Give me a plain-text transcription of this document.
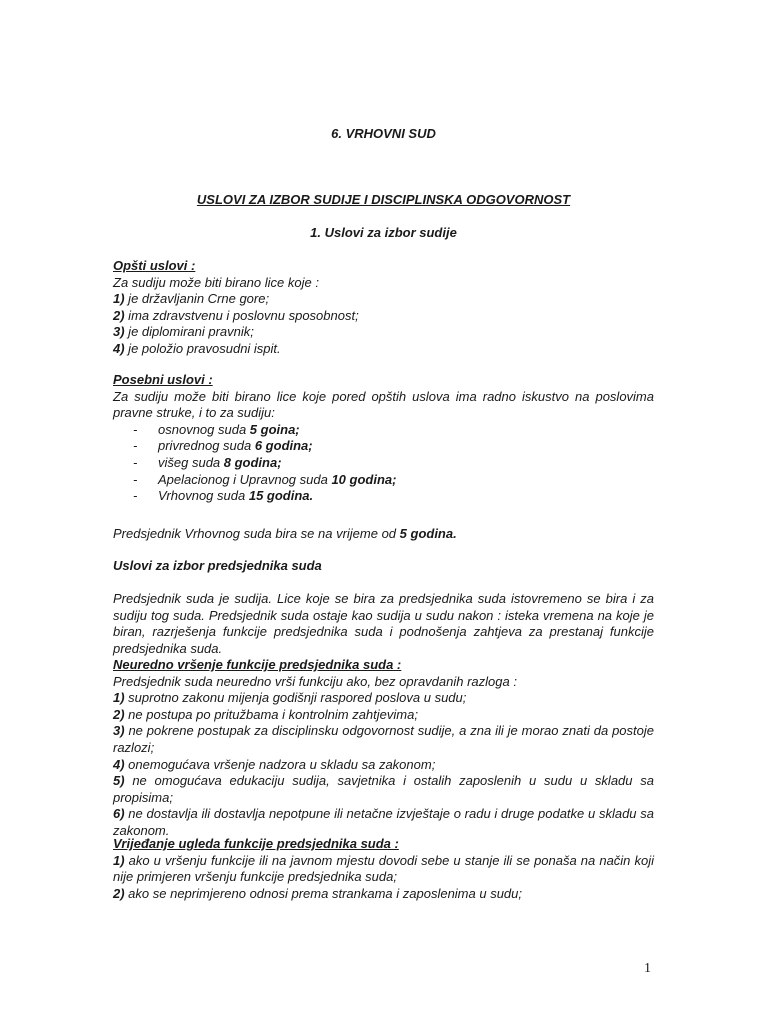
6. VRHOVNI SUD
USLOVI ZA IZBOR SUDIJE I DISCIPLINSKA ODGOVORNOST
1. Uslovi za izbor sudije
Opšti uslovi :
Za sudiju može biti birano lice koje :
1) je državljanin Crne gore;
2) ima zdravstvenu i poslovnu sposobnost;
3) je diplomirani pravnik;
4) je položio pravosudni ispit.
Posebni uslovi :
Za sudiju može biti birano lice koje pored opštih uslova ima radno iskustvo na poslovima pravne struke, i to za sudiju:
- osnovnog suda 5 goina;
- privrednog suda 6 godina;
- višeg suda 8 godina;
- Apelacionog i Upravnog suda 10 godina;
- Vrhovnog suda 15 godina.
Predsjednik Vrhovnog suda bira se na vrijeme od 5 godina.
Uslovi za izbor predsjednika suda
Predsjednik suda je sudija. Lice koje se bira za predsjednika suda istovremeno se bira i za sudiju tog suda. Predsjednik suda ostaje kao sudija u sudu nakon : isteka vremena na koje je biran, razrješenja funkcije predsjednika suda i podnošenja zahtjeva za prestanaj funkcije predsjednika suda.
Neuredno vršenje funkcije predsjednika suda :
Predsjednik suda neuredno vrši funkciju ako, bez opravdanih razloga :
1) suprotno zakonu mijenja godišnji raspored poslova u sudu;
2) ne postupa po pritužbama i kontrolnim zahtjevima;
3) ne pokrene postupak za disciplinsku odgovornost sudije, a zna ili je morao znati da postoje razlozi;
4) onemogućava vršenje nadzora u skladu sa zakonom;
5) ne omogućava edukaciju sudija, savjetnika i ostalih zaposlenih u sudu u skladu sa propisima;
6) ne dostavlja ili dostavlja nepotpune ili netačne izvještaje o radu i druge podatke u skladu sa zakonom.
Vrijeđanje ugleda funkcije predsjednika suda :
1) ako u vršenju funkcije ili na javnom mjestu dovodi sebe u stanje ili se ponaša na način koji nije primjeren vršenju funkcije predsjednika suda;
2) ako se neprimjereno odnosi prema strankama i zaposlenima u sudu;
1
